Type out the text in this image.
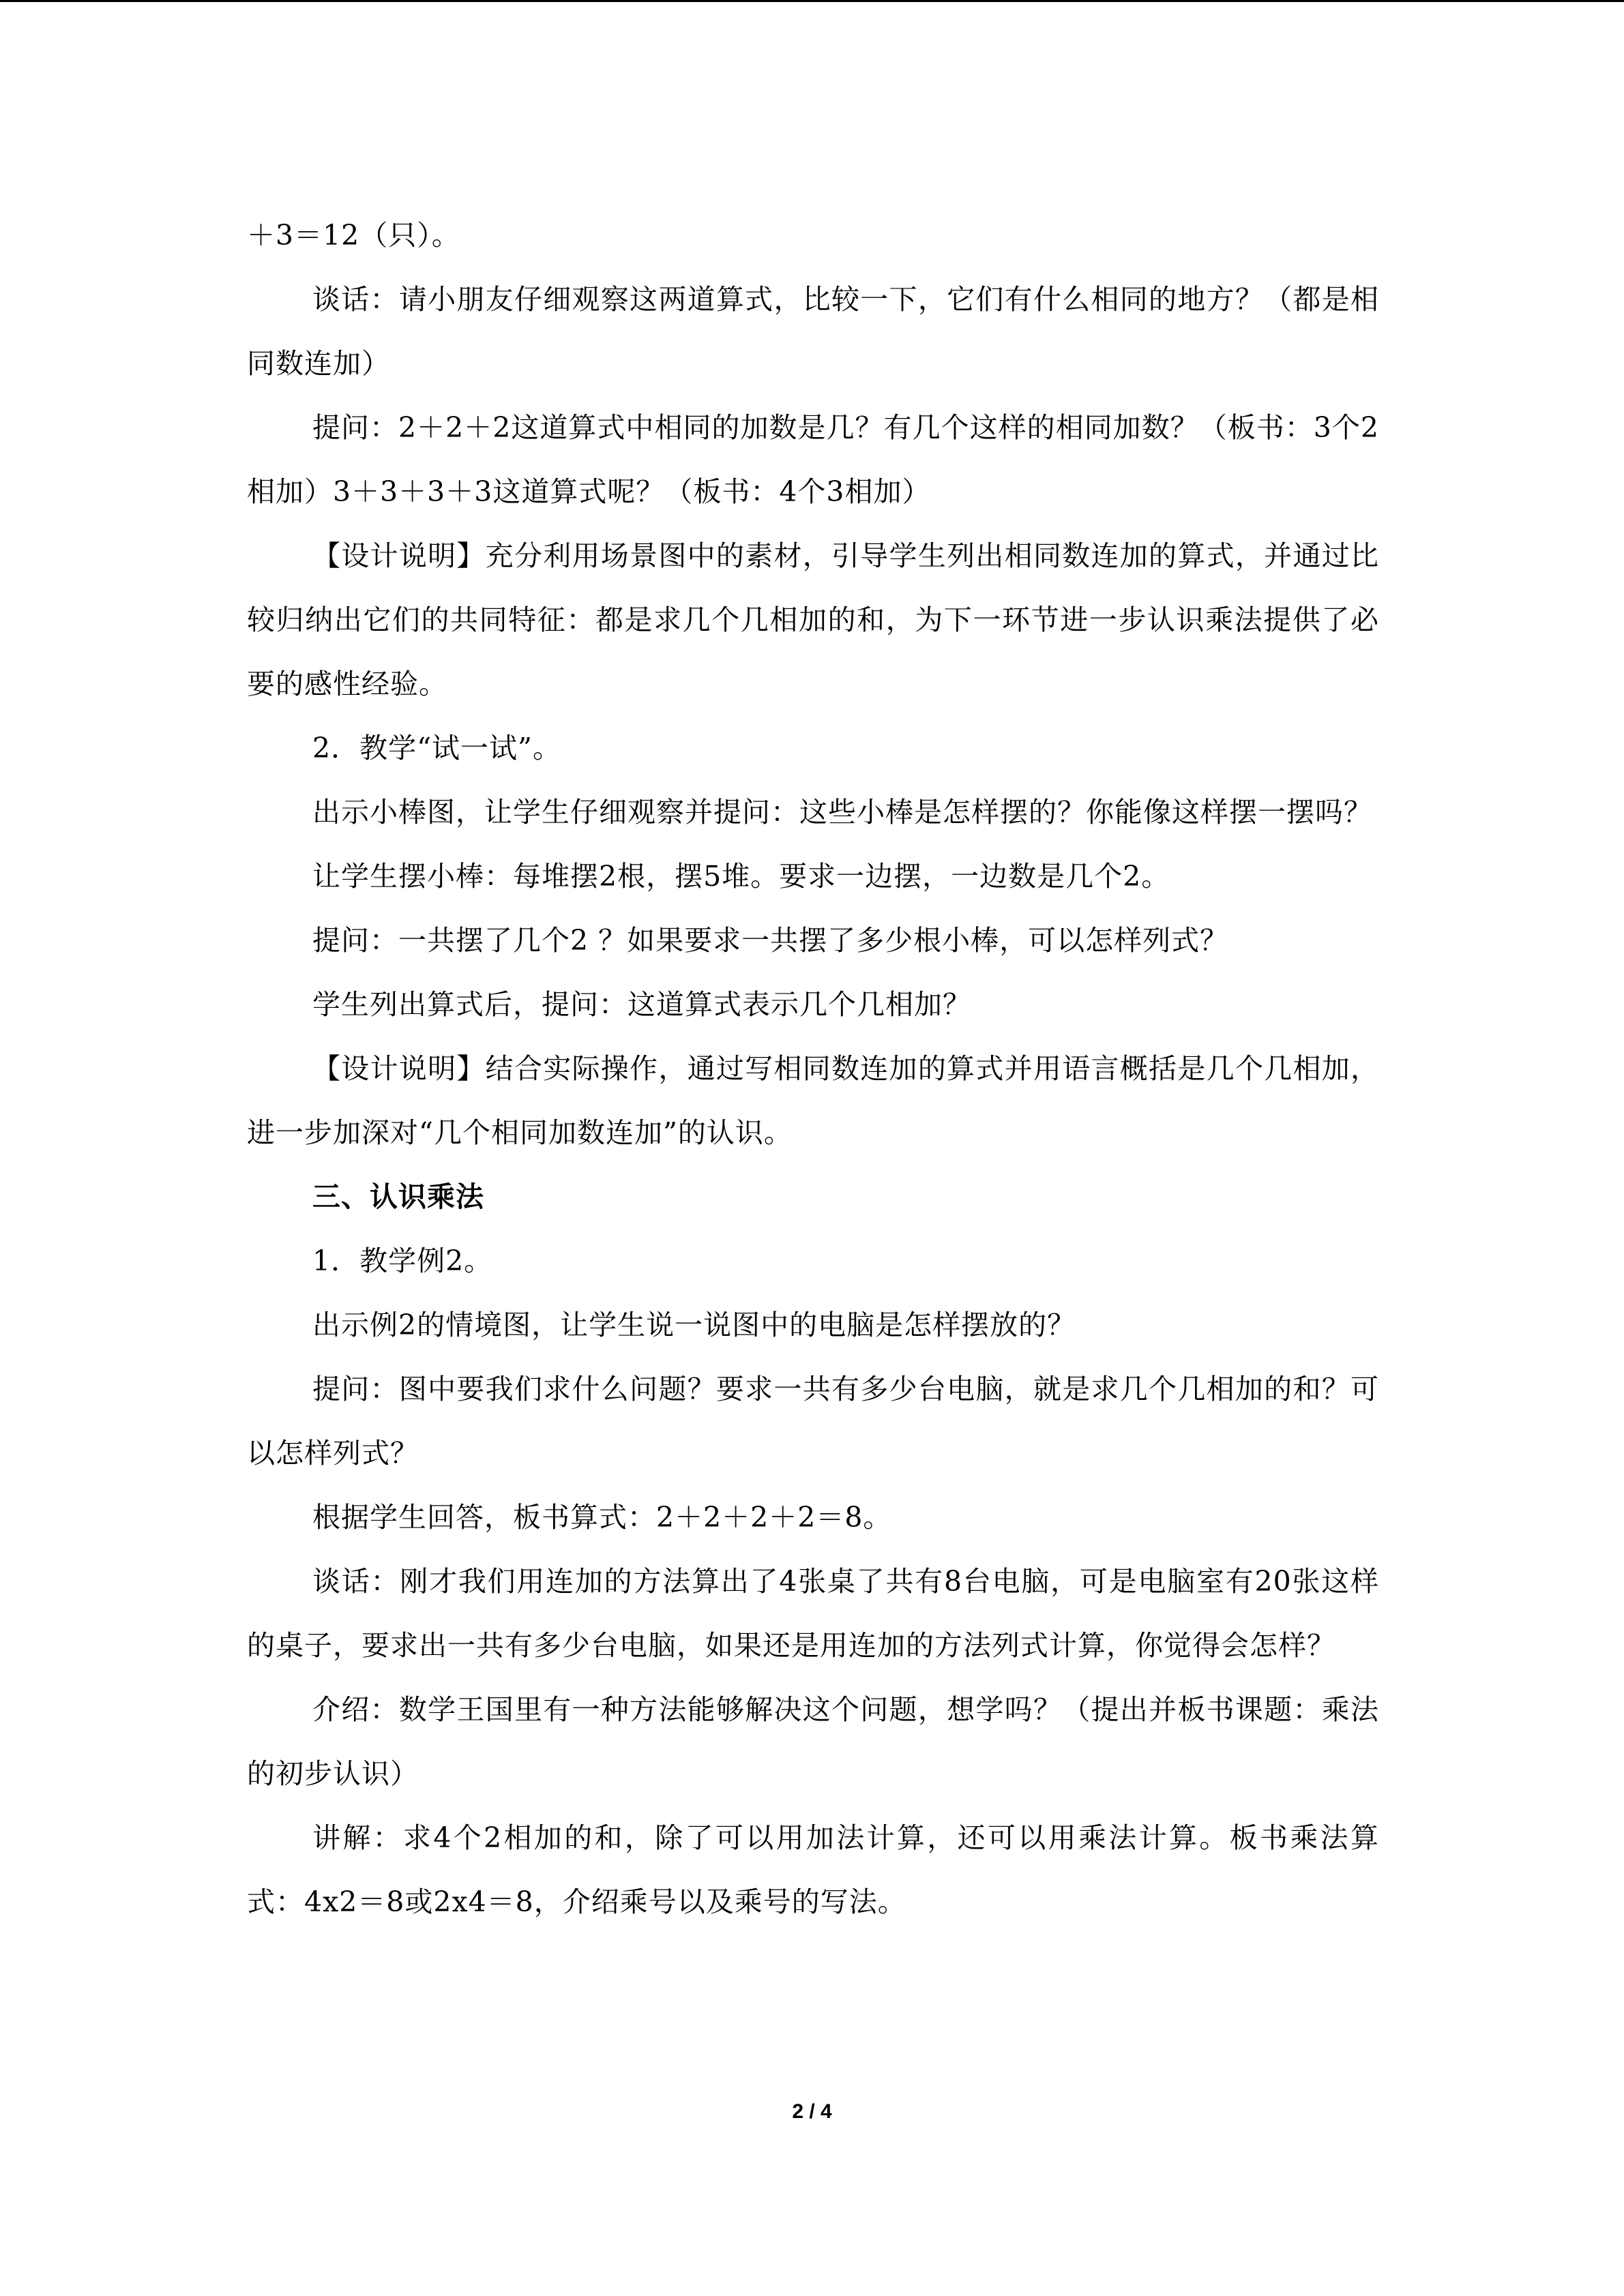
＋3＝12（只）。

谈话：请小朋友仔细观察这两道算式，比较一下，它们有什么相同的地方？（都是相同数连加）

提问：2＋2＋2这道算式中相同的加数是几？有几个这样的相同加数？（板书：3个2相加）3＋3＋3＋3这道算式呢？（板书：4个3相加）

【设计说明】充分利用场景图中的素材，引导学生列出相同数连加的算式，并通过比较归纳出它们的共同特征：都是求几个几相加的和，为下一环节进一步认识乘法提供了必要的感性经验。

2．教学“试一试”。

出示小棒图，让学生仔细观察并提问：这些小棒是怎样摆的？你能像这样摆一摆吗？

让学生摆小棒：每堆摆2根，摆5堆。要求一边摆，一边数是几个2。

提问：一共摆了几个2 ？如果要求一共摆了多少根小棒，可以怎样列式？

学生列出算式后，提问：这道算式表示几个几相加？

【设计说明】结合实际操作，通过写相同数连加的算式并用语言概括是几个几相加，进一步加深对“几个相同加数连加”的认识。

三、认识乘法

1．教学例2。

出示例2的情境图，让学生说一说图中的电脑是怎样摆放的？

提问：图中要我们求什么问题？要求一共有多少台电脑，就是求几个几相加的和？可以怎样列式？

根据学生回答，板书算式：2＋2＋2＋2＝8。

谈话：刚才我们用连加的方法算出了4张桌了共有8台电脑，可是电脑室有20张这样的桌子，要求出一共有多少台电脑，如果还是用连加的方法列式计算，你觉得会怎样？

介绍：数学王国里有一种方法能够解决这个问题，想学吗？（提出并板书课题：乘法的初步认识）

讲解：求4个2相加的和，除了可以用加法计算，还可以用乘法计算。板书乘法算式：4x2＝8或2x4＝8，介绍乘号以及乘号的写法。

2 / 4
